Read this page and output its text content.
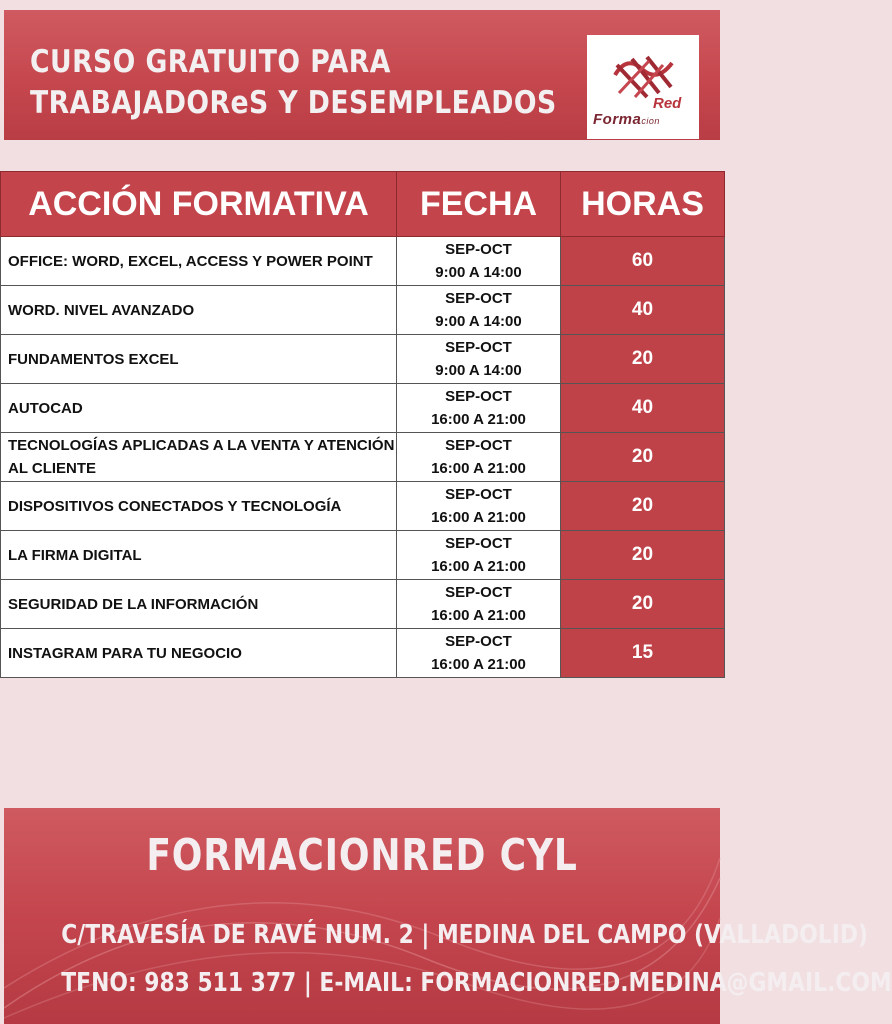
CURSO GRATUITO PARA
TRABAJADOReS Y DESEMPLEADOS	Red
Formacion
ACCIÓN FORMATIVA	FECHA	HORAS
OFFICE: WORD, EXCEL, ACCESS Y POWER POINT	SEP-OCT
9:00 A 14:00	60
WORD. NIVEL AVANZADO	SEP-OCT
9:00 A 14:00	40
FUNDAMENTOS EXCEL	SEP-OCT
9:00 A 14:00	20
AUTOCAD	SEP-OCT
16:00 A 21:00	40
TECNOLOGÍAS APLICADAS A LA VENTA Y ATENCIÓN AL CLIENTE	SEP-OCT
16:00 A 21:00	20
DISPOSITIVOS CONECTADOS Y TECNOLOGÍA	SEP-OCT
16:00 A 21:00	20
LA FIRMA DIGITAL	SEP-OCT
16:00 A 21:00	20
SEGURIDAD DE LA INFORMACIÓN	SEP-OCT
16:00 A 21:00	20
INSTAGRAM PARA TU NEGOCIO	SEP-OCT
16:00 A 21:00	15
FORMACIONRED CYL
C/TRAVESÍA DE RAVÉ NUM. 2 | MEDINA DEL CAMPO (VALLADOLID)
TFNO: 983 511 377 | E-MAIL: FORMACIONRED.MEDINA@GMAIL.COM
